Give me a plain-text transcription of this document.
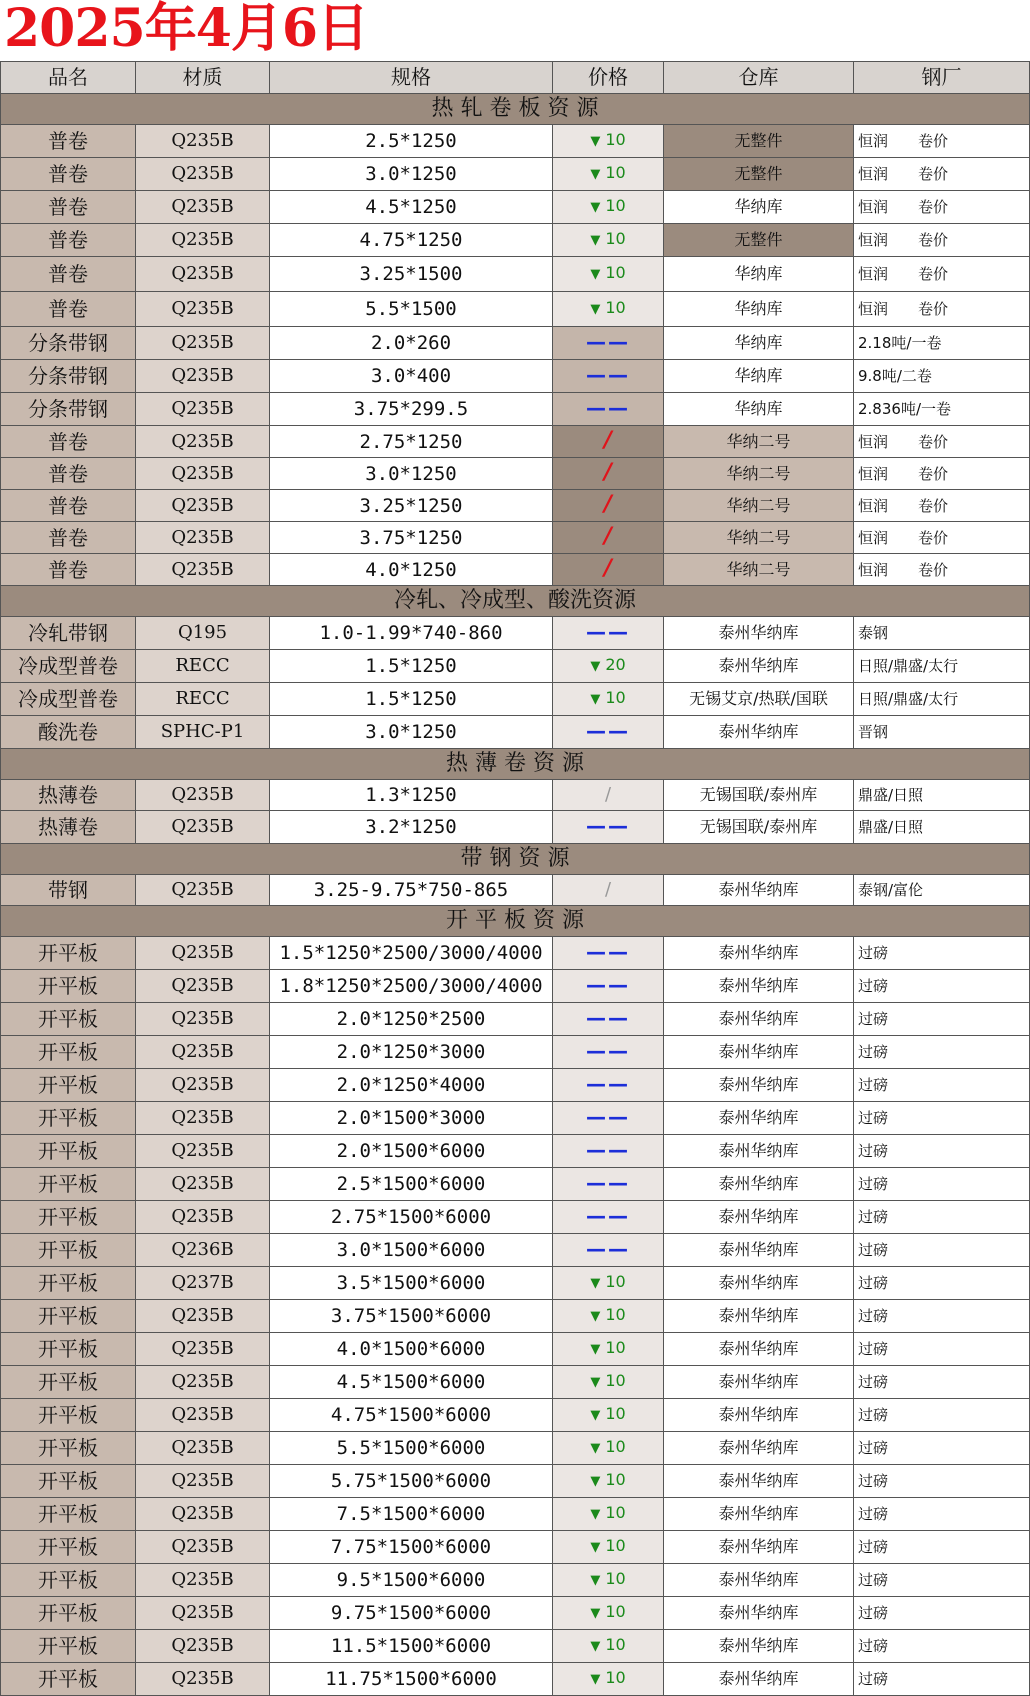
2025年4月6日
品名	材质	规格	价格	仓库	钢厂
热 轧 卷 板 资 源					
普卷	Q235B	2.5*1250	▼ 10	无整件	恒润 卷价
普卷	Q235B	3.0*1250	▼ 10	无整件	恒润 卷价
普卷	Q235B	4.5*1250	▼ 10	华纳库	恒润 卷价
普卷	Q235B	4.75*1250	▼ 10	无整件	恒润 卷价
普卷	Q235B	3.25*1500	▼ 10	华纳库	恒润 卷价
普卷	Q235B	5.5*1500	▼ 10	华纳库	恒润 卷价
分条带钢	Q235B	2.0*260	——	华纳库	2.18吨/一卷
分条带钢	Q235B	3.0*400	——	华纳库	9.8吨/二卷
分条带钢	Q235B	3.75*299.5	——	华纳库	2.836吨/一卷
普卷	Q235B	2.75*1250	/	华纳二号	恒润 卷价
普卷	Q235B	3.0*1250	/	华纳二号	恒润 卷价
普卷	Q235B	3.25*1250	/	华纳二号	恒润 卷价
普卷	Q235B	3.75*1250	/	华纳二号	恒润 卷价
普卷	Q235B	4.0*1250	/	华纳二号	恒润 卷价
冷轧、冷成型、酸洗资源					
冷轧带钢	Q195	1.0-1.99*740-860	——	泰州华纳库	泰钢
冷成型普卷	RECC	1.5*1250	▼ 20	泰州华纳库	日照/鼎盛/太行
冷成型普卷	RECC	1.5*1250	▼ 10	无锡艾京/热联/国联	日照/鼎盛/太行
酸洗卷	SPHC-P1	3.0*1250	——	泰州华纳库	晋钢
热 薄 卷 资 源					
热薄卷	Q235B	1.3*1250	/	无锡国联/泰州库	鼎盛/日照
热薄卷	Q235B	3.2*1250	——	无锡国联/泰州库	鼎盛/日照
带 钢 资 源					
带钢	Q235B	3.25-9.75*750-865	/	泰州华纳库	泰钢/富伦
开 平 板 资 源					
开平板	Q235B	1.5*1250*2500/3000/4000	——	泰州华纳库	过磅
开平板	Q235B	1.8*1250*2500/3000/4000	——	泰州华纳库	过磅
开平板	Q235B	2.0*1250*2500	——	泰州华纳库	过磅
开平板	Q235B	2.0*1250*3000	——	泰州华纳库	过磅
开平板	Q235B	2.0*1250*4000	——	泰州华纳库	过磅
开平板	Q235B	2.0*1500*3000	——	泰州华纳库	过磅
开平板	Q235B	2.0*1500*6000	——	泰州华纳库	过磅
开平板	Q235B	2.5*1500*6000	——	泰州华纳库	过磅
开平板	Q235B	2.75*1500*6000	——	泰州华纳库	过磅
开平板	Q236B	3.0*1500*6000	——	泰州华纳库	过磅
开平板	Q237B	3.5*1500*6000	▼ 10	泰州华纳库	过磅
开平板	Q235B	3.75*1500*6000	▼ 10	泰州华纳库	过磅
开平板	Q235B	4.0*1500*6000	▼ 10	泰州华纳库	过磅
开平板	Q235B	4.5*1500*6000	▼ 10	泰州华纳库	过磅
开平板	Q235B	4.75*1500*6000	▼ 10	泰州华纳库	过磅
开平板	Q235B	5.5*1500*6000	▼ 10	泰州华纳库	过磅
开平板	Q235B	5.75*1500*6000	▼ 10	泰州华纳库	过磅
开平板	Q235B	7.5*1500*6000	▼ 10	泰州华纳库	过磅
开平板	Q235B	7.75*1500*6000	▼ 10	泰州华纳库	过磅
开平板	Q235B	9.5*1500*6000	▼ 10	泰州华纳库	过磅
开平板	Q235B	9.75*1500*6000	▼ 10	泰州华纳库	过磅
开平板	Q235B	11.5*1500*6000	▼ 10	泰州华纳库	过磅
开平板	Q235B	11.75*1500*6000	▼ 10	泰州华纳库	过磅
